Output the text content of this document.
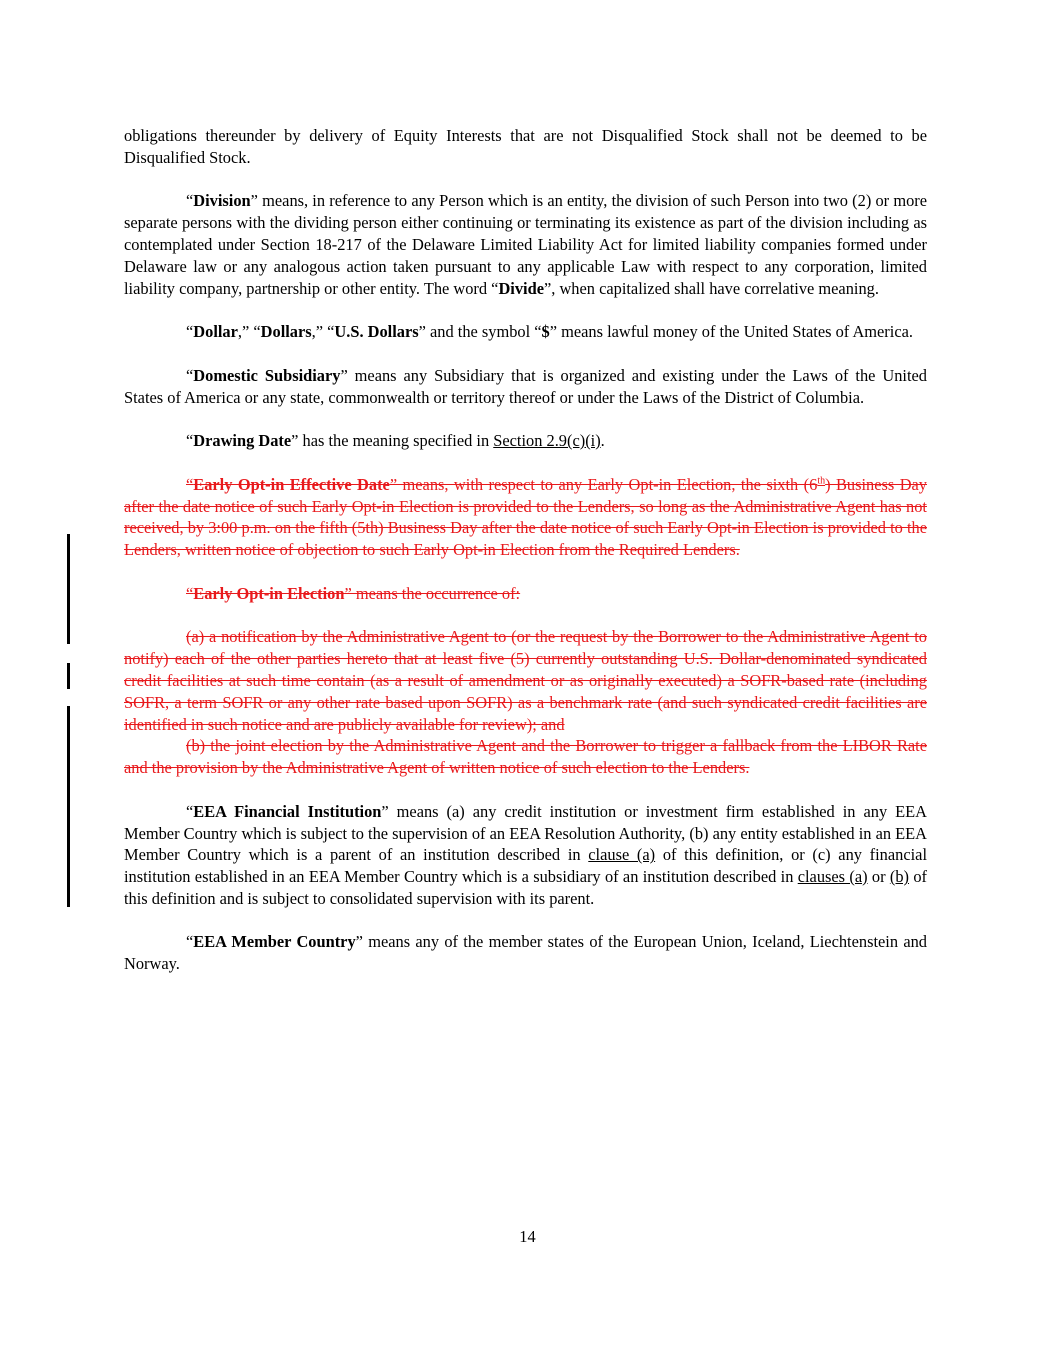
obligations thereunder by delivery of Equity Interests that are not Disqualified Stock shall not be deemed to be Disqualified Stock.

“Division” means, in reference to any Person which is an entity, the division of such Person into two (2) or more separate persons with the dividing person either continuing or terminating its existence as part of the division including as contemplated under Section 18-217 of the Delaware Limited Liability Act for limited liability companies formed under Delaware law or any analogous action taken pursuant to any applicable Law with respect to any corporation, limited liability company, partnership or other entity. The word “Divide”, when capitalized shall have correlative meaning.

“Dollar,” “Dollars,” “U.S. Dollars” and the symbol “$” means lawful money of the United States of America.

“Domestic Subsidiary” means any Subsidiary that is organized and existing under the Laws of the United States of America or any state, commonwealth or territory thereof or under the Laws of the District of Columbia.

“Drawing Date” has the meaning specified in Section 2.9(c)(i).

“Early Opt-in Effective Date” means, with respect to any Early Opt-in Election, the sixth (6th) Business Day after the date notice of such Early Opt-in Election is provided to the Lenders, so long as the Administrative Agent has not received, by 3:00 p.m. on the fifth (5th) Business Day after the date notice of such Early Opt-in Election is provided to the Lenders, written notice of objection to such Early Opt-in Election from the Required Lenders.

“Early Opt-in Election” means the occurrence of:

(a) a notification by the Administrative Agent to (or the request by the Borrower to the Administrative Agent to notify) each of the other parties hereto that at least five (5) currently outstanding U.S. Dollar-denominated syndicated credit facilities at such time contain (as a result of amendment or as originally executed) a SOFR-based rate (including SOFR, a term SOFR or any other rate based upon SOFR) as a benchmark rate (and such syndicated credit facilities are identified in such notice and are publicly available for review); and

(b) the joint election by the Administrative Agent and the Borrower to trigger a fallback from the LIBOR Rate and the provision by the Administrative Agent of written notice of such election to the Lenders.

“EEA Financial Institution” means (a) any credit institution or investment firm established in any EEA Member Country which is subject to the supervision of an EEA Resolution Authority, (b) any entity established in an EEA Member Country which is a parent of an institution described in clause (a) of this definition, or (c) any financial institution established in an EEA Member Country which is a subsidiary of an institution described in clauses (a) or (b) of this definition and is subject to consolidated supervision with its parent.

“EEA Member Country” means any of the member states of the European Union, Iceland, Liechtenstein and Norway.

14
